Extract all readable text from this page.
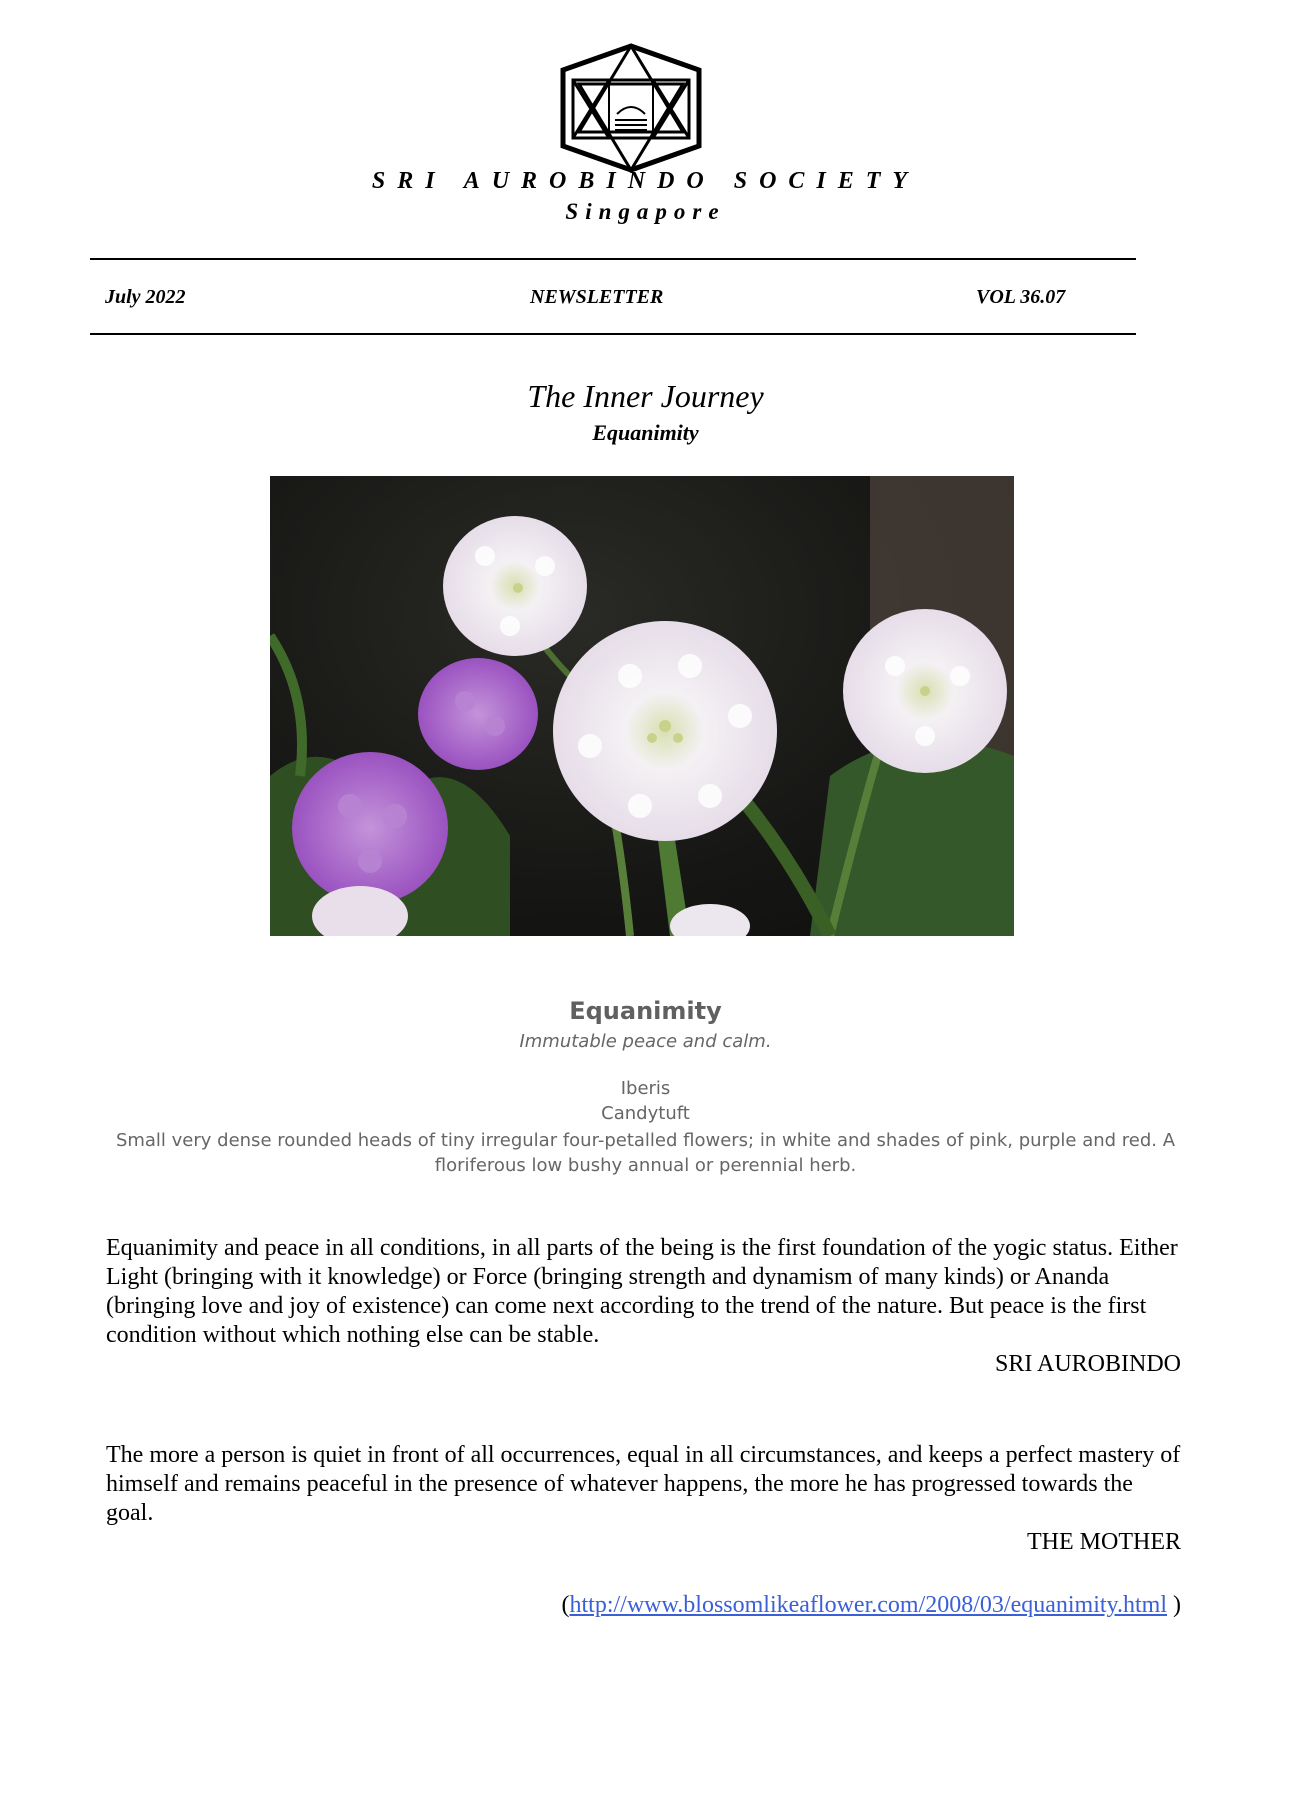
SRI AUROBINDO SOCIETY
Singapore
July 2022	NEWSLETTER	VOL 36.07
The Inner Journey
Equanimity
Equanimity
Immutable peace and calm.
Iberis
Candytuft
Small very dense rounded heads of tiny irregular four-petalled flowers; in white and shades of pink, purple and red. A floriferous low bushy annual or perennial herb.
Equanimity and peace in all conditions, in all parts of the being is the first foundation of the yogic status. Either Light (bringing with it knowledge) or Force (bringing strength and dynamism of many kinds) or Ananda (bringing love and joy of existence) can come next according to the trend of the nature. But peace is the first condition without which nothing else can be stable.
SRI AUROBINDO
The more a person is quiet in front of all occurrences, equal in all circumstances, and keeps a perfect mastery of himself and remains peaceful in the presence of whatever happens, the more he has progressed towards the goal.
THE MOTHER
(http://www.blossomlikeaflower.com/2008/03/equanimity.html )
